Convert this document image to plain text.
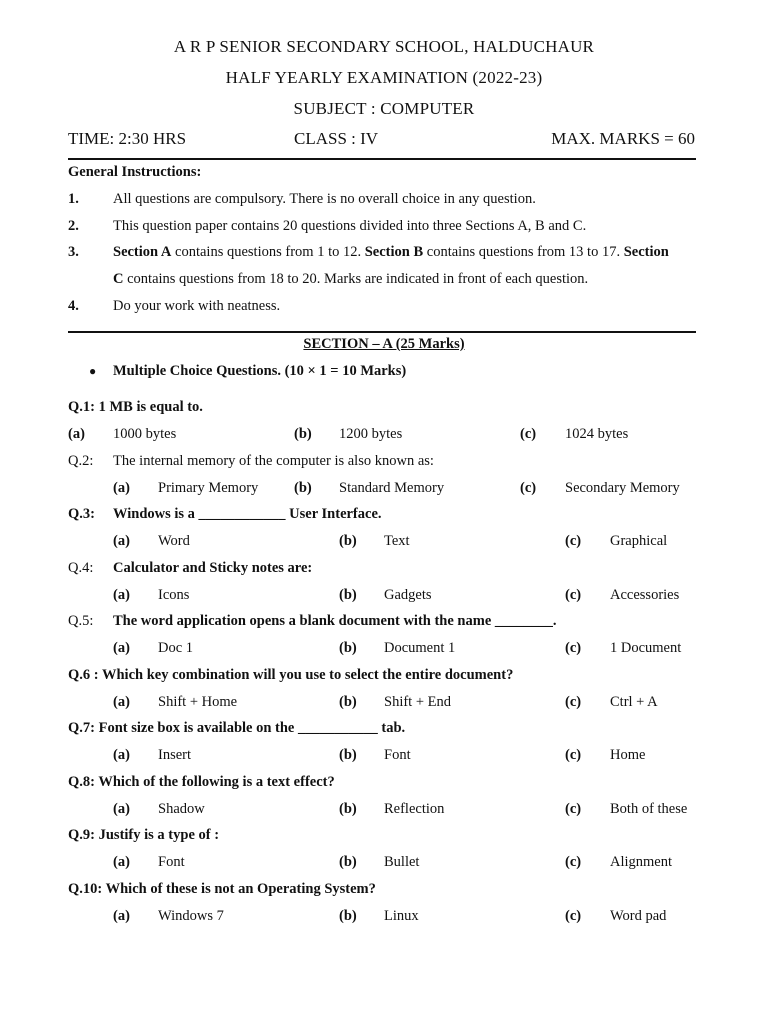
A R P SENIOR SECONDARY SCHOOL, HALDUCHAUR
HALF YEARLY EXAMINATION (2022-23)
SUBJECT : COMPUTER
TIME: 2:30 HRS	CLASS : IV	MAX. MARKS = 60
General Instructions:
1. All questions are compulsory. There is no overall choice in any question.
2. This question paper contains 20 questions divided into three Sections A, B and C.
3. Section A contains questions from 1 to 12. Section B contains questions from 13 to 17. Section
C contains questions from 18 to 20. Marks are indicated in front of each question.
4. Do your work with neatness.
SECTION – A (25 Marks)
● Multiple Choice Questions. (10 × 1 = 10 Marks)
Q.1: 1 MB is equal to.
(a) 1000 bytes	(b) 1200 bytes	(c) 1024 bytes
Q.2: The internal memory of the computer is also known as:
(a) Primary Memory (b) Standard Memory	(c) Secondary Memory
Q.3: Windows is a ____________ User Interface.
(a) Word	(b) Text	(c) Graphical
Q.4: Calculator and Sticky notes are:
(a) Icons	(b) Gadgets	(c) Accessories
Q.5: The word application opens a blank document with the name ________.
(a) Doc 1	(b) Document 1	(c) 1 Document
Q.6 : Which key combination will you use to select the entire document?
(a) Shift + Home	(b) Shift + End	(c) Ctrl + A
Q.7: Font size box is available on the ___________ tab.
(a) Insert	(b) Font	(c) Home
Q.8: Which of the following is a text effect?
(a) Shadow	(b) Reflection	(c) Both of these
Q.9: Justify is a type of :
(a) Font	(b) Bullet	(c) Alignment
Q.10: Which of these is not an Operating System?
(a) Windows 7	(b) Linux	(c) Word pad
